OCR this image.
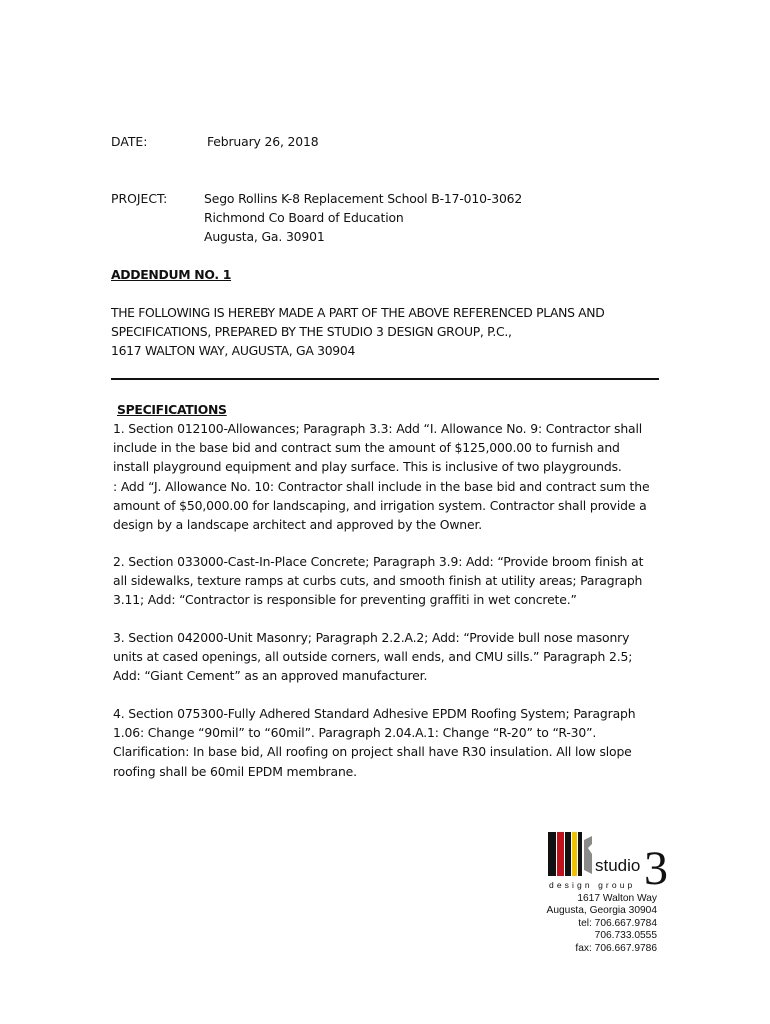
DATE:	February 26, 2018
PROJECT:	Sego Rollins K-8 Replacement School B-17-010-3062
Richmond Co Board of Education
Augusta, Ga. 30901
ADDENDUM NO. 1
THE FOLLOWING IS HEREBY MADE A PART OF THE ABOVE REFERENCED PLANS AND
SPECIFICATIONS, PREPARED BY THE STUDIO 3 DESIGN GROUP, P.C.,
1617 WALTON WAY, AUGUSTA, GA 30904
SPECIFICATIONS
1. Section 012100-Allowances; Paragraph 3.3: Add “I. Allowance No. 9: Contractor shall
include in the base bid and contract sum the amount of $125,000.00 to furnish and
install playground equipment and play surface. This is inclusive of two playgrounds.
: Add “J. Allowance No. 10: Contractor shall include in the base bid and contract sum the
amount of $50,000.00 for landscaping, and irrigation system. Contractor shall provide a
design by a landscape architect and approved by the Owner.
2. Section 033000-Cast-In-Place Concrete; Paragraph 3.9: Add: “Provide broom finish at
all sidewalks, texture ramps at curbs cuts, and smooth finish at utility areas; Paragraph
3.11; Add: “Contractor is responsible for preventing graffiti in wet concrete.”
3. Section 042000-Unit Masonry; Paragraph 2.2.A.2; Add: “Provide bull nose masonry
units at cased openings, all outside corners, wall ends, and CMU sills.” Paragraph 2.5;
Add: “Giant Cement” as an approved manufacturer.
4. Section 075300-Fully Adhered Standard Adhesive EPDM Roofing System; Paragraph
1.06: Change “90mil” to “60mil”. Paragraph 2.04.A.1: Change “R-20” to “R-30”.
Clarification: In base bid, All roofing on project shall have R30 insulation. All low slope
roofing shall be 60mil EPDM membrane.
studio 3
design group
1617 Walton Way
Augusta, Georgia 30904
tel: 706.667.9784
706.733.0555
fax: 706.667.9786
